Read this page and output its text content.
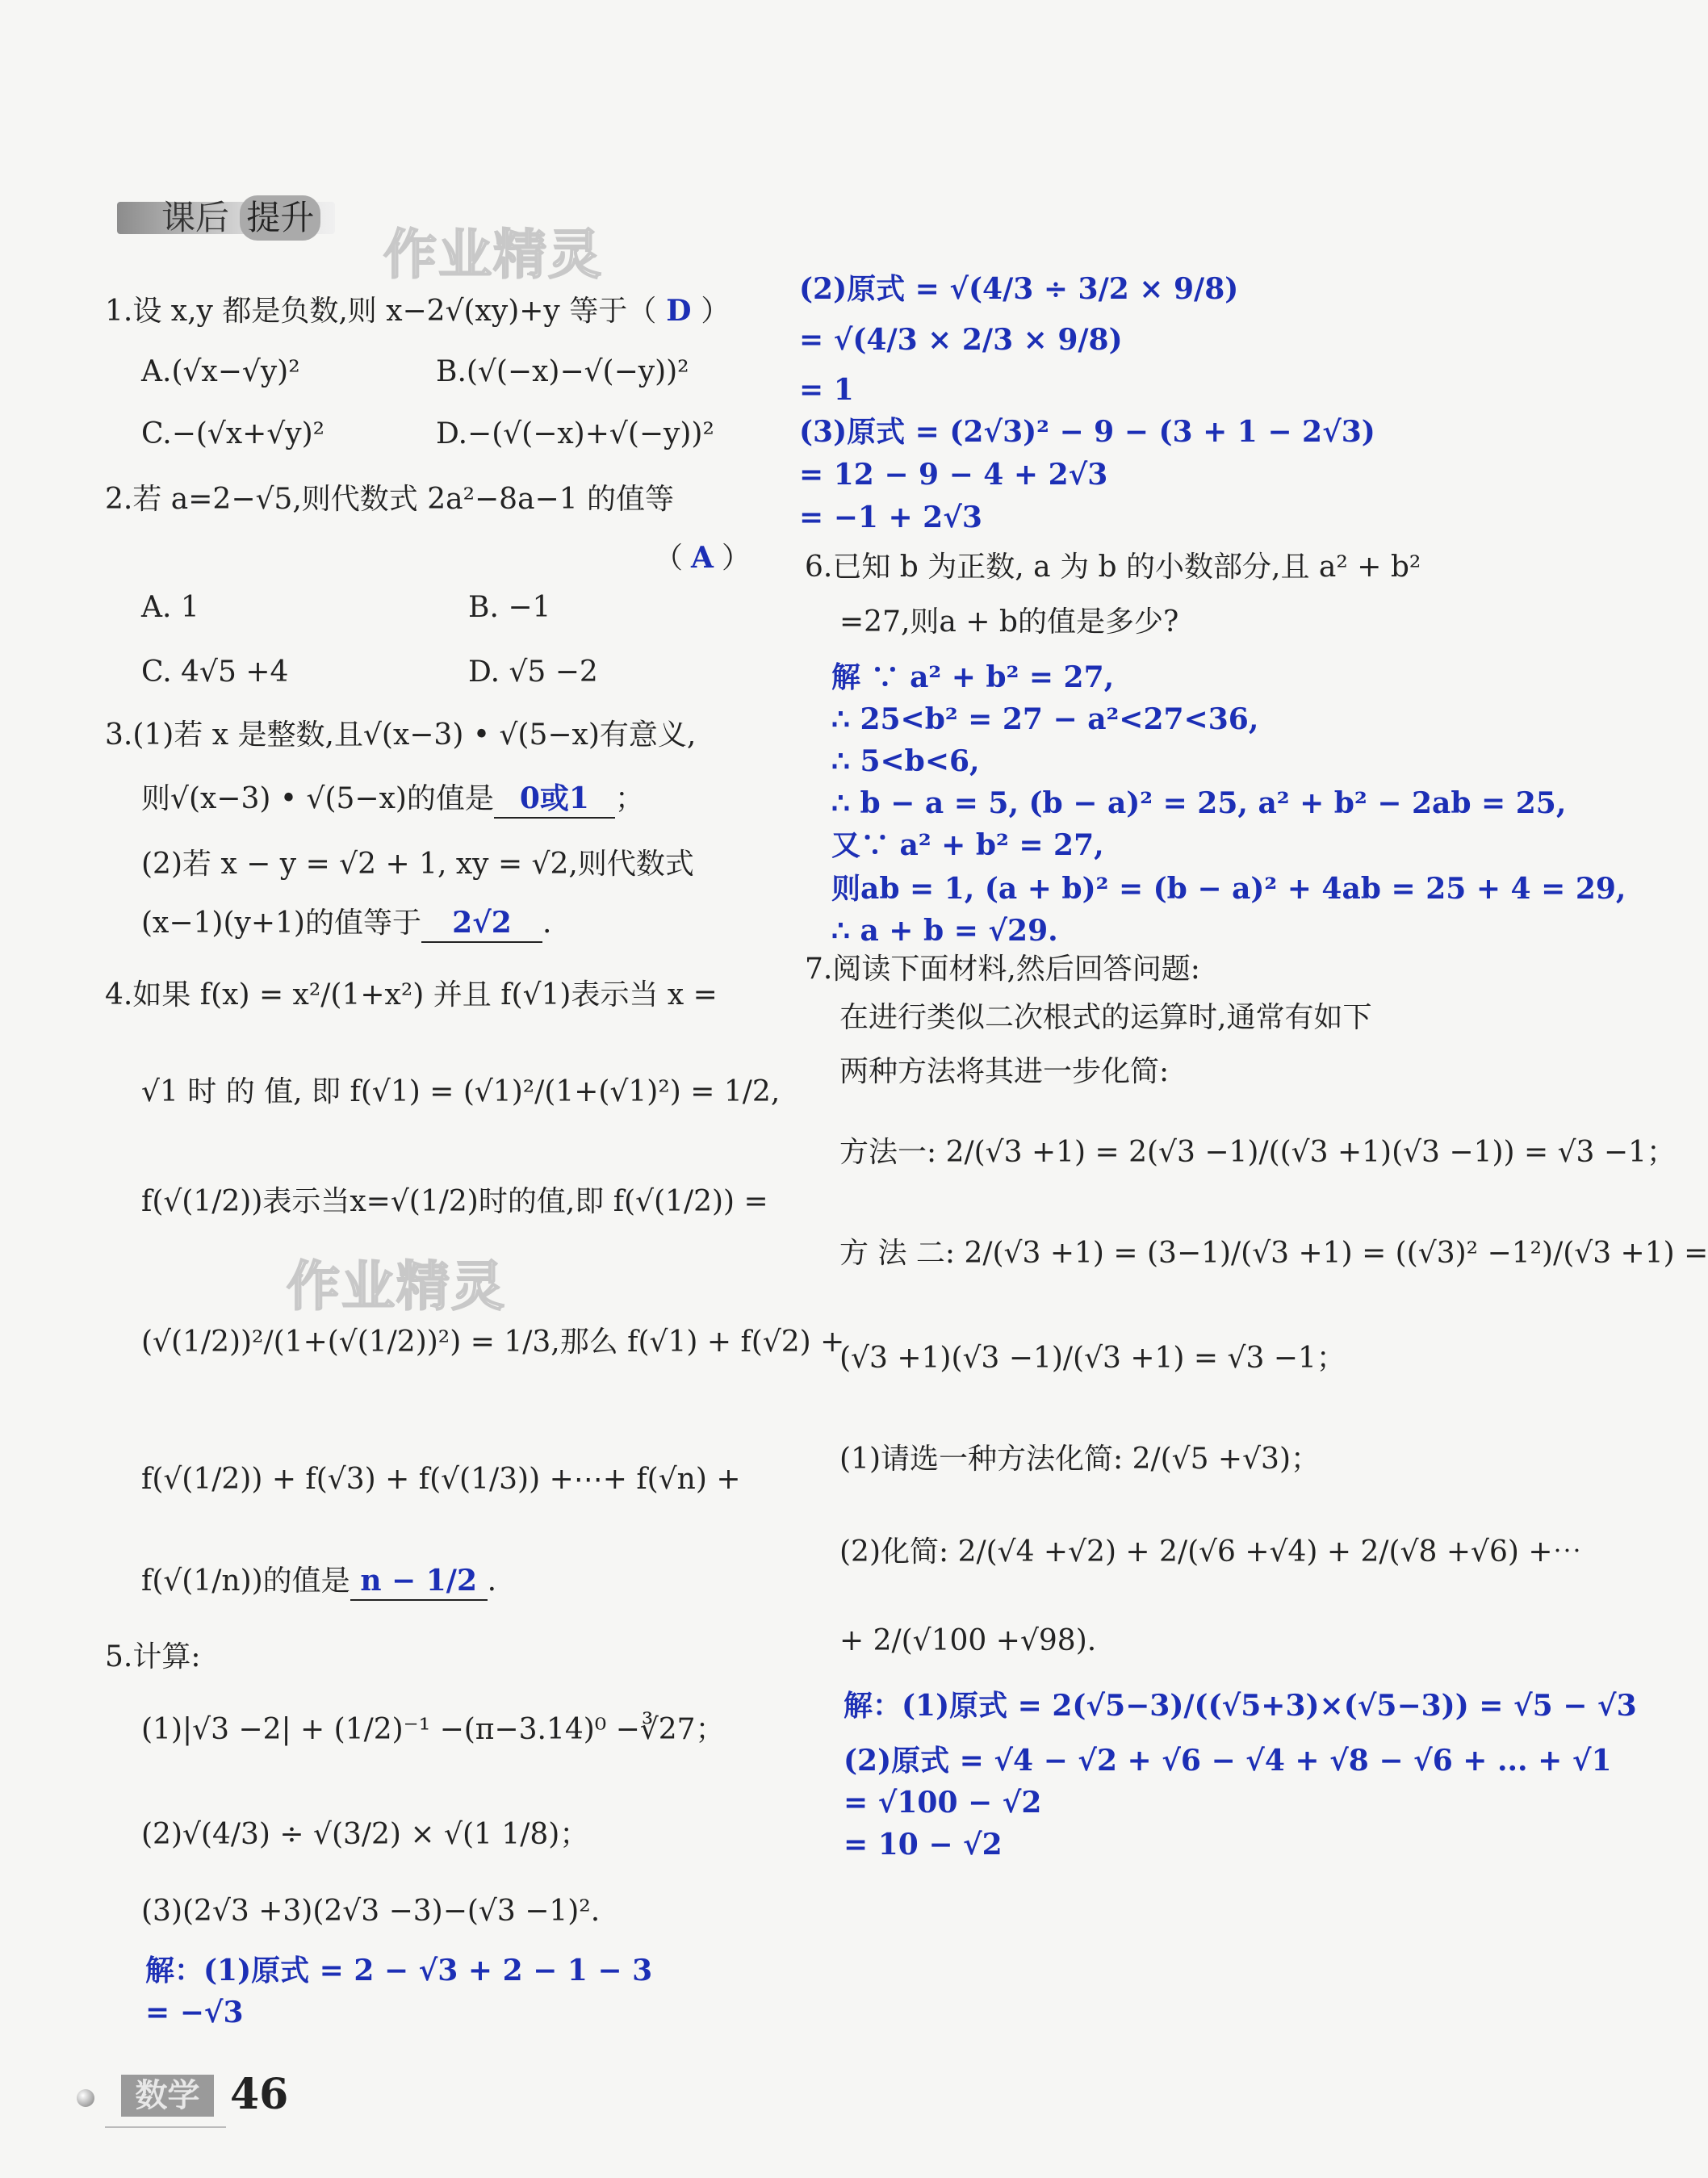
课后 提升
作业精灵
作业精灵
1.设 x,y 都是负数,则 x−2√(xy)+y 等于（ D ）
A.(√x−√y)²	B.(√(−x)−√(−y))²
C.−(√x+√y)²	D.−(√(−x)+√(−y))²
2.若 a=2−√5,则代数式 2a²−8a−1 的值等
（ A ）
A. 1	B. −1
C. 4√5 +4	D. √5 −2
3.(1)若 x 是整数,且√(x−3) • √(5−x)有意义,
则√(x−3) • √(5−x)的值是 0或1 ；
(2)若 x − y = √2 + 1, xy = √2,则代数式
(x−1)(y+1)的值等于 2√2 .
4.如果 f(x) = x²/(1+x²) 并且 f(√1)表示当 x =
√1 时 的 值, 即 f(√1) = (√1)²/(1+(√1)²) = 1/2,
f(√(1/2))表示当x=√(1/2)时的值,即 f(√(1/2)) =
(√(1/2))²/(1+(√(1/2))²) = 1/3,那么 f(√1) + f(√2) +
f(√(1/2)) + f(√3) + f(√(1/3)) +⋯+ f(√n) +
f(√(1/n))的值是 n − 1/2 .
5.计算:
(1)|√3 −2| + (1/2)⁻¹ −(π−3.14)⁰ −∛27；
(2)√(4/3) ÷ √(3/2) × √(1 1/8)；
(3)(2√3 +3)(2√3 −3)−(√3 −1)².
解：(1)原式 = 2 − √3 + 2 − 1 − 3
= −√3
(2)原式 = √(4/3 ÷ 3/2 × 9/8)
= √(4/3 × 2/3 × 9/8)
= 1
(3)原式 = (2√3)² − 9 − (3 + 1 − 2√3)
= 12 − 9 − 4 + 2√3
= −1 + 2√3
6.已知 b 为正数, a 为 b 的小数部分,且 a² + b²
=27,则a + b的值是多少?
解 ∵ a² + b² = 27,
∴ 25<b² = 27 − a²<27<36,
∴ 5<b<6,
∴ b − a = 5, (b − a)² = 25, a² + b² − 2ab = 25,
又∵ a² + b² = 27,
则ab = 1, (a + b)² = (b − a)² + 4ab = 25 + 4 = 29,
∴ a + b = √29.
7.阅读下面材料,然后回答问题:
在进行类似二次根式的运算时,通常有如下
两种方法将其进一步化简:
方法一: 2/(√3 +1) = 2(√3 −1)/((√3 +1)(√3 −1)) = √3 −1；
方 法 二: 2/(√3 +1) = (3−1)/(√3 +1) = ((√3)² −1²)/(√3 +1) =
(√3 +1)(√3 −1)/(√3 +1) = √3 −1；
(1)请选一种方法化简: 2/(√5 +√3)；
(2)化简: 2/(√4 +√2) + 2/(√6 +√4) + 2/(√8 +√6) +⋯
+ 2/(√100 +√98).
解：(1)原式 = 2(√5−3)/((√5+3)×(√5−3)) = √5 − √3
(2)原式 = √4 − √2 + √6 − √4 + √8 − √6 + ... + √1
= √100 − √2
= 10 − √2
数学 46
